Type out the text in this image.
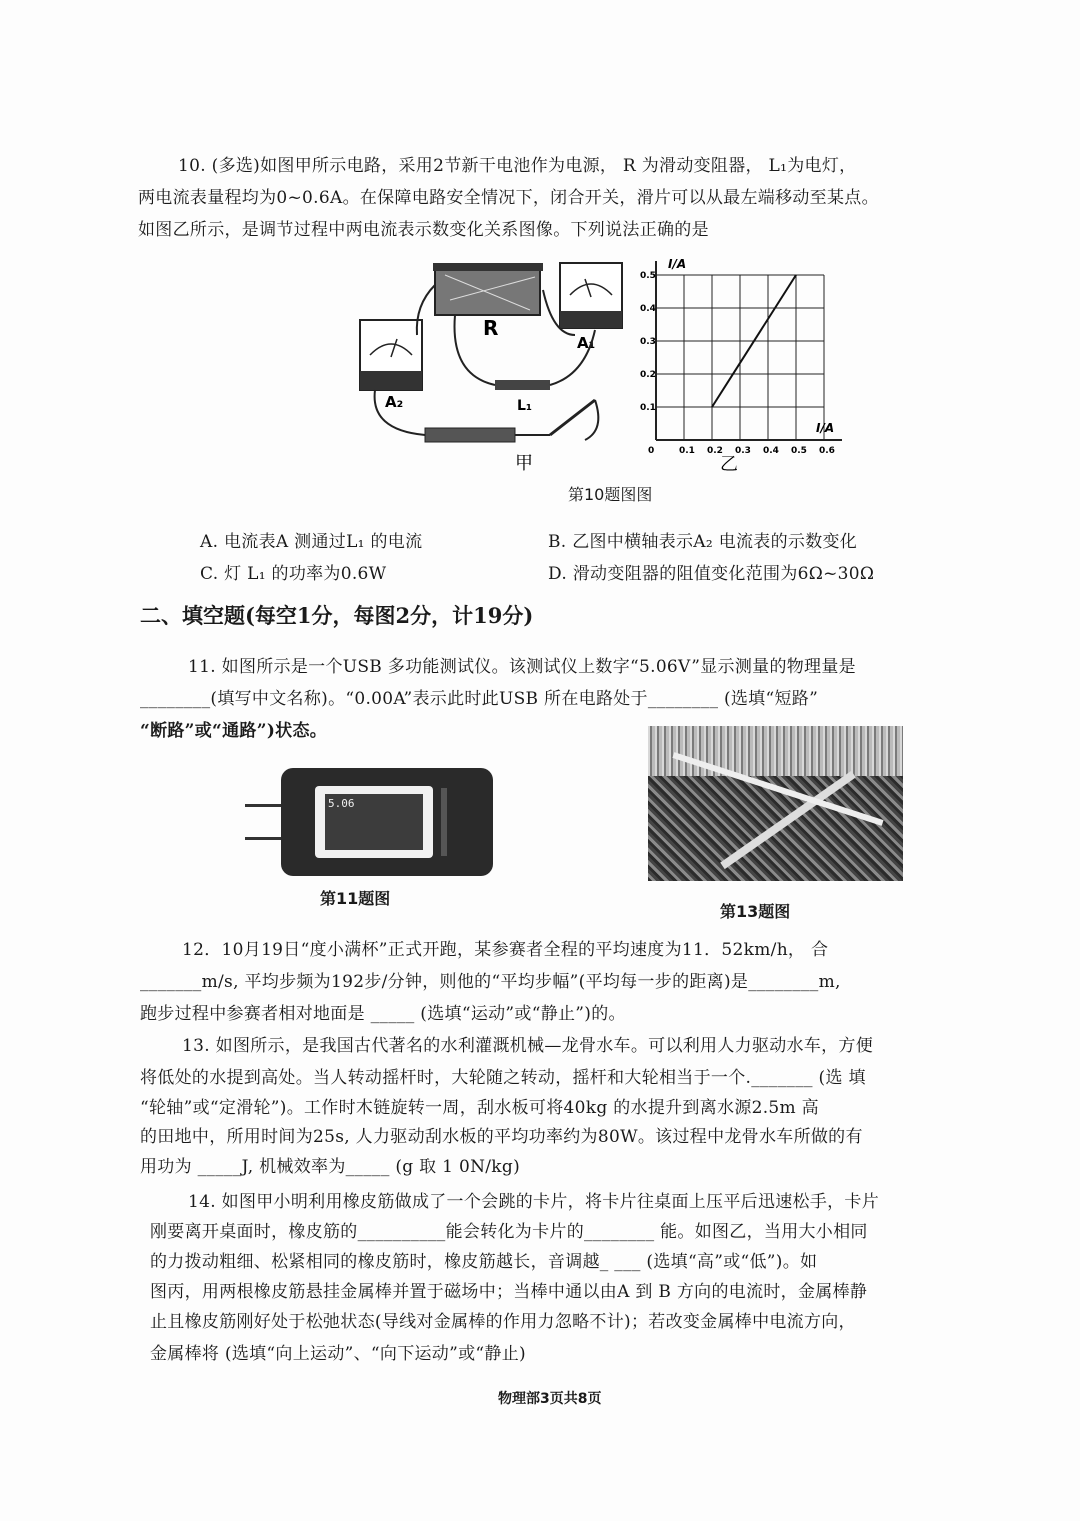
10. (多选)如图甲所示电路，采用2节新干电池作为电源， R 为滑动变阻器， L₁为电灯，
两电流表量程均为0~0.6A。在保障电路安全情况下，闭合开关，滑片可以从最左端移动至某点。
如图乙所示，是调节过程中两电流表示数变化关系图像。下列说法正确的是
R
A₁
A₂	L₁
甲
0	0.1 0.2 0.3 0.4 0.5 0.6
0.1
0.2
0.3
0.4
0.5
I/A
I/A
乙
第10题图图
A. 电流表A 测通过L₁ 的电流	B. 乙图中横轴表示A₂ 电流表的示数变化
C. 灯 L₁ 的功率为0.6W	D. 滑动变阻器的阻值变化范围为6Ω~30Ω
二、填空题(每空1分，每图2分，计19分)
11. 如图所示是一个USB 多功能测试仪。该测试仪上数字“5.06V”显示测量的物理量是
________(填写中文名称)。“0.00A”表示此时此USB 所在电路处于________ (选填“短路”
“断路”或“通路”)状态。
5.06
第11题图
第13题图
12．10月19日“度小满杯”正式开跑，某参赛者全程的平均速度为11．52km/h， 合
_______m/s, 平均步频为192步/分钟，则他的“平均步幅”(平均每一步的距离)是________m,
跑步过程中参赛者相对地面是 _____ (选填“运动”或“静止”)的。
13. 如图所示，是我国古代著名的水利灌溉机械—龙骨水车。可以利用人力驱动水车，方便
将低处的水提到高处。当人转动摇杆时，大轮随之转动，摇杆和大轮相当于一个._______ (选 填
“轮轴”或“定滑轮”)。工作时木链旋转一周，刮水板可将40kg 的水提升到离水源2.5m 高
的田地中，所用时间为25s, 人力驱动刮水板的平均功率约为80W。该过程中龙骨水车所做的有
用功为 _____J, 机械效率为_____ (g 取 1 0N/kg)
14. 如图甲小明利用橡皮筋做成了一个会跳的卡片，将卡片往桌面上压平后迅速松手，卡片
刚要离开桌面时，橡皮筋的__________能会转化为卡片的________ 能。如图乙，当用大小相同
的力拨动粗细、松紧相同的橡皮筋时，橡皮筋越长，音调越_ ___ (选填“高”或“低”)。如
图丙，用两根橡皮筋悬挂金属棒并置于磁场中；当棒中通以由A 到 B 方向的电流时，金属棒静
止且橡皮筋刚好处于松弛状态(导线对金属棒的作用力忽略不计)；若改变金属棒中电流方向，
金属棒将 (选填“向上运动”、“向下运动”或“静止)
物理部3页共8页
